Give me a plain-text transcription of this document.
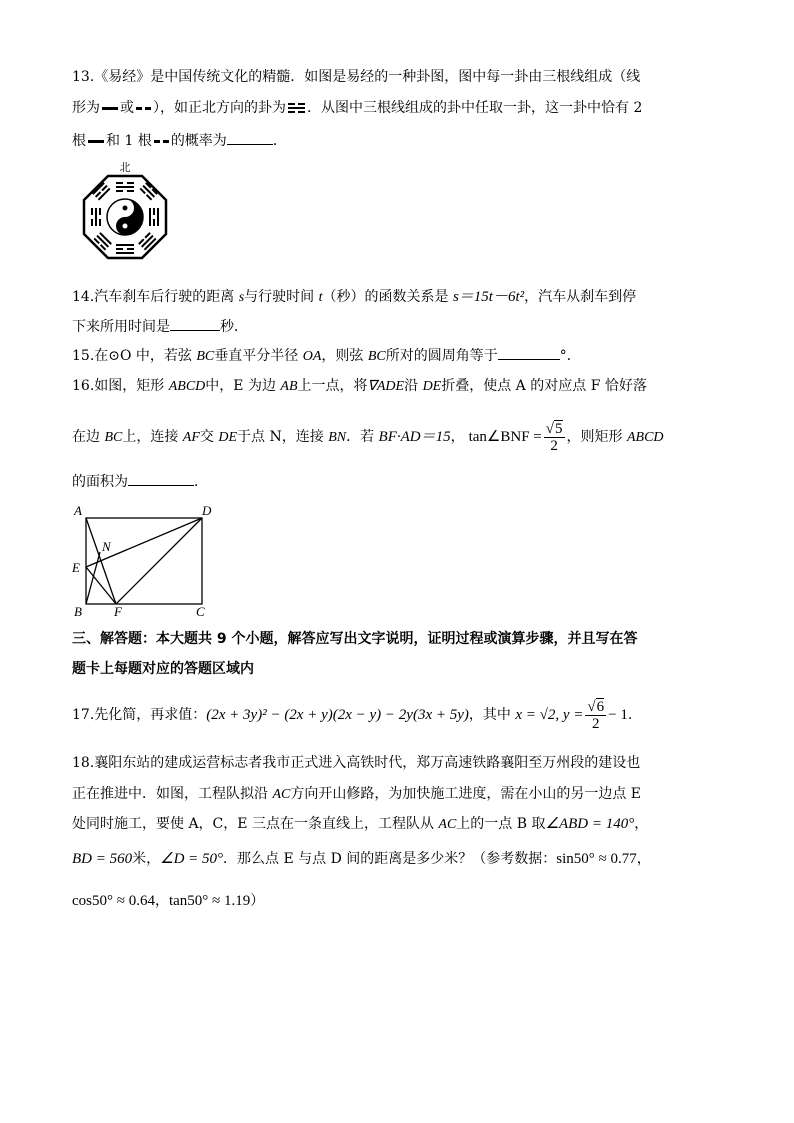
13.《易经》是中国传统文化的精髓．如图是易经的一种卦图，图中每一卦由三根线组成（线
形为 或 ），如正北方向的卦为 ．从图中三根线组成的卦中任取一卦，这一卦中恰有 2
根 和 1 根 的概率为	．
北
14.汽车刹车后行驶的距离 s与行驶时间 t（秒）的函数关系是 s＝15t－6t²，汽车从刹车到停
下来所用时间是	秒．
15.在⊙O 中，若弦 BC垂直平分半径 OA，则弦 BC所对的圆周角等于	°．
16.如图，矩形 ABCD中，E 为边 AB上一点，将∇ADE沿 DE折叠，使点 A 的对应点 F 恰好落
在边 BC上，连接 AF交 DE于点 N，连接 BN．若 BF·AD＝15， tan∠BNF = $\frac{√5}{2}$ ，则矩形 ABCD
的面积为	．
A	D
N
E
B F	C
三、解答题：本大题共 9 个小题，解答应写出文字说明，证明过程或演算步骤，并且写在答
题卡上每题对应的答题区域内
17.先化简，再求值：(2x + 3y)² − (2x + y)(2x − y) − 2y(3x + 5y)，其中 x = √2, $y = \frac{√6}{2} - 1$.
18.襄阳东站的建成运营标志者我市正式进入高铁时代，郑万高速铁路襄阳至万州段的建设也
正在推进中．如图，工程队拟沿 AC方向开山修路，为加快施工进度，需在小山的另一边点 E
处同时施工，要使 A，C，E 三点在一条直线上，工程队从 AC上的一点 B 取∠ABD = 140°，
BD = 560米，∠D = 50°．那么点 E 与点 D 间的距离是多少米？（参考数据：sin50° ≈ 0.77，
cos50° ≈ 0.64，tan50° ≈ 1.19）
